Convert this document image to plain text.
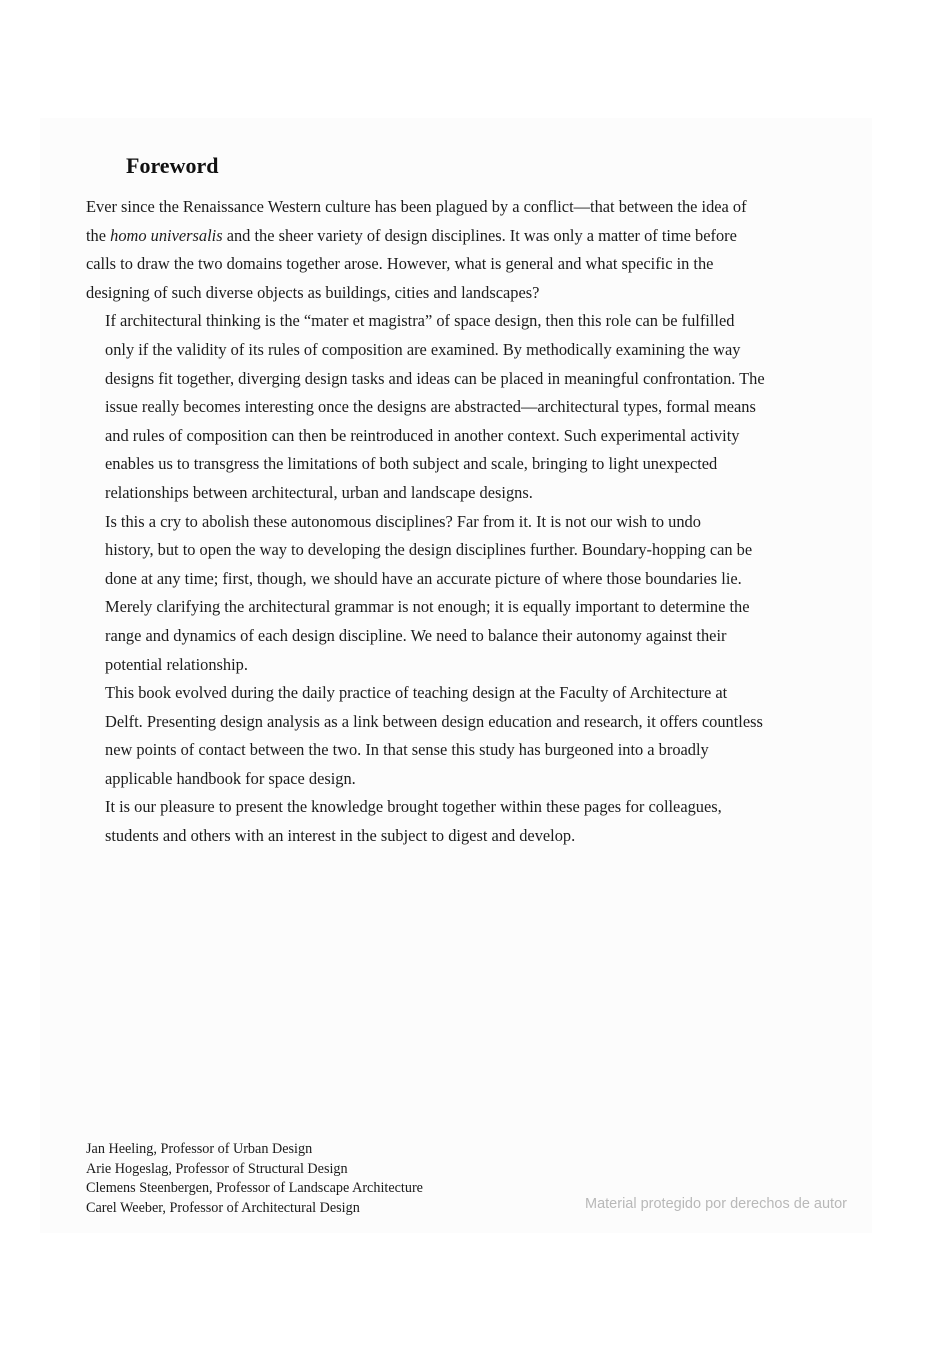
Foreword

Ever since the Renaissance Western culture has been plagued by a conflict—that between the idea of
the homo universalis and the sheer variety of design disciplines. It was only a matter of time before
calls to draw the two domains together arose. However, what is general and what specific in the
designing of such diverse objects as buildings, cities and landscapes?

If architectural thinking is the “mater et magistra” of space design, then this role can be fulfilled
only if the validity of its rules of composition are examined. By methodically examining the way
designs fit together, diverging design tasks and ideas can be placed in meaningful confrontation. The
issue really becomes interesting once the designs are abstracted—architectural types, formal means
and rules of composition can then be reintroduced in another context. Such experimental activity
enables us to transgress the limitations of both subject and scale, bringing to light unexpected
relationships between architectural, urban and landscape designs.

Is this a cry to abolish these autonomous disciplines? Far from it. It is not our wish to undo
history, but to open the way to developing the design disciplines further. Boundary-hopping can be
done at any time; first, though, we should have an accurate picture of where those boundaries lie.
Merely clarifying the architectural grammar is not enough; it is equally important to determine the
range and dynamics of each design discipline. We need to balance their autonomy against their
potential relationship.

This book evolved during the daily practice of teaching design at the Faculty of Architecture at
Delft. Presenting design analysis as a link between design education and research, it offers countless
new points of contact between the two. In that sense this study has burgeoned into a broadly
applicable handbook for space design.

It is our pleasure to present the knowledge brought together within these pages for colleagues,
students and others with an interest in the subject to digest and develop.

Jan Heeling, Professor of Urban Design
Arie Hogeslag, Professor of Structural Design
Clemens Steenbergen, Professor of Landscape Architecture
Carel Weeber, Professor of Architectural Design	Material protegido por derechos de autor
